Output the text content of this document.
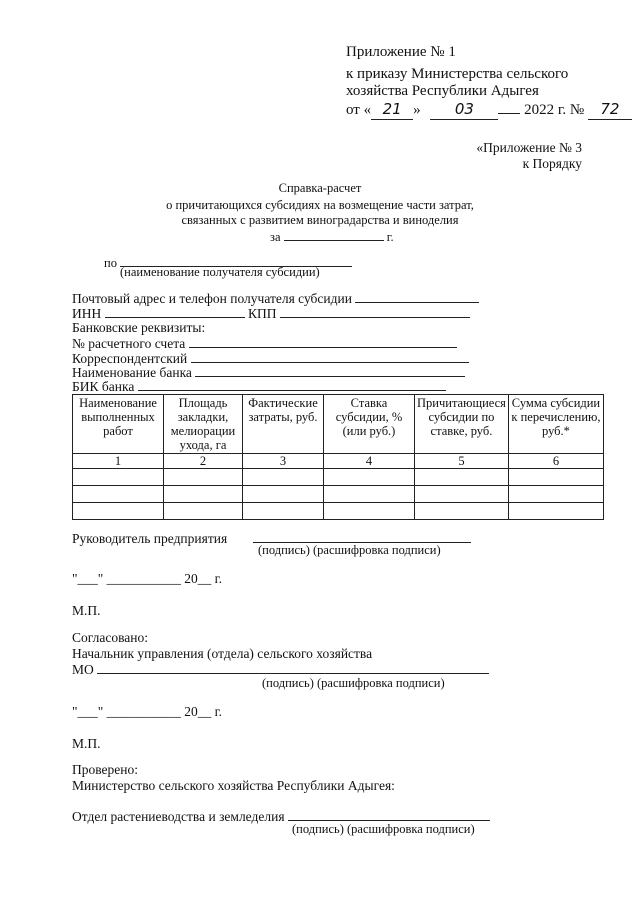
Приложение № 1
к приказу Министерства сельского
хозяйства Республики Адыгея
от « 21 » 03	2022 г. № 72
«Приложение № 3
к Порядку
Справка-расчет
о причитающихся субсидиях на возмещение части затрат,
связанных с развитием виноградарства и виноделия
за	г.
по
(наименование получателя субсидии)
Почтовый адрес и телефон получателя субсидии
ИНН	КПП
Банковские реквизиты:
№ расчетного счета
Корреспондентский
Наименование банка
БИК банка
Наименование выполненных работ	Площадь закладки, мелиорации ухода, га	Фактические затраты, руб.	Ставка субсидии, % (или руб.)	Причитающиеся субсидии по ставке, руб.	Сумма субсидии к перечислению, руб.*
1	2	3	4	5	6

Руководитель предприятия
(подпись) (расшифровка подписи)
"___" ___________ 20__ г.
М.П.
Согласовано:
Начальник управления (отдела) сельского хозяйства
МО
(подпись) (расшифровка подписи)
"___" ___________ 20__ г.
М.П.
Проверено:
Министерство сельского хозяйства Республики Адыгея:
Отдел растениеводства и земледелия
(подпись) (расшифровка подписи)
